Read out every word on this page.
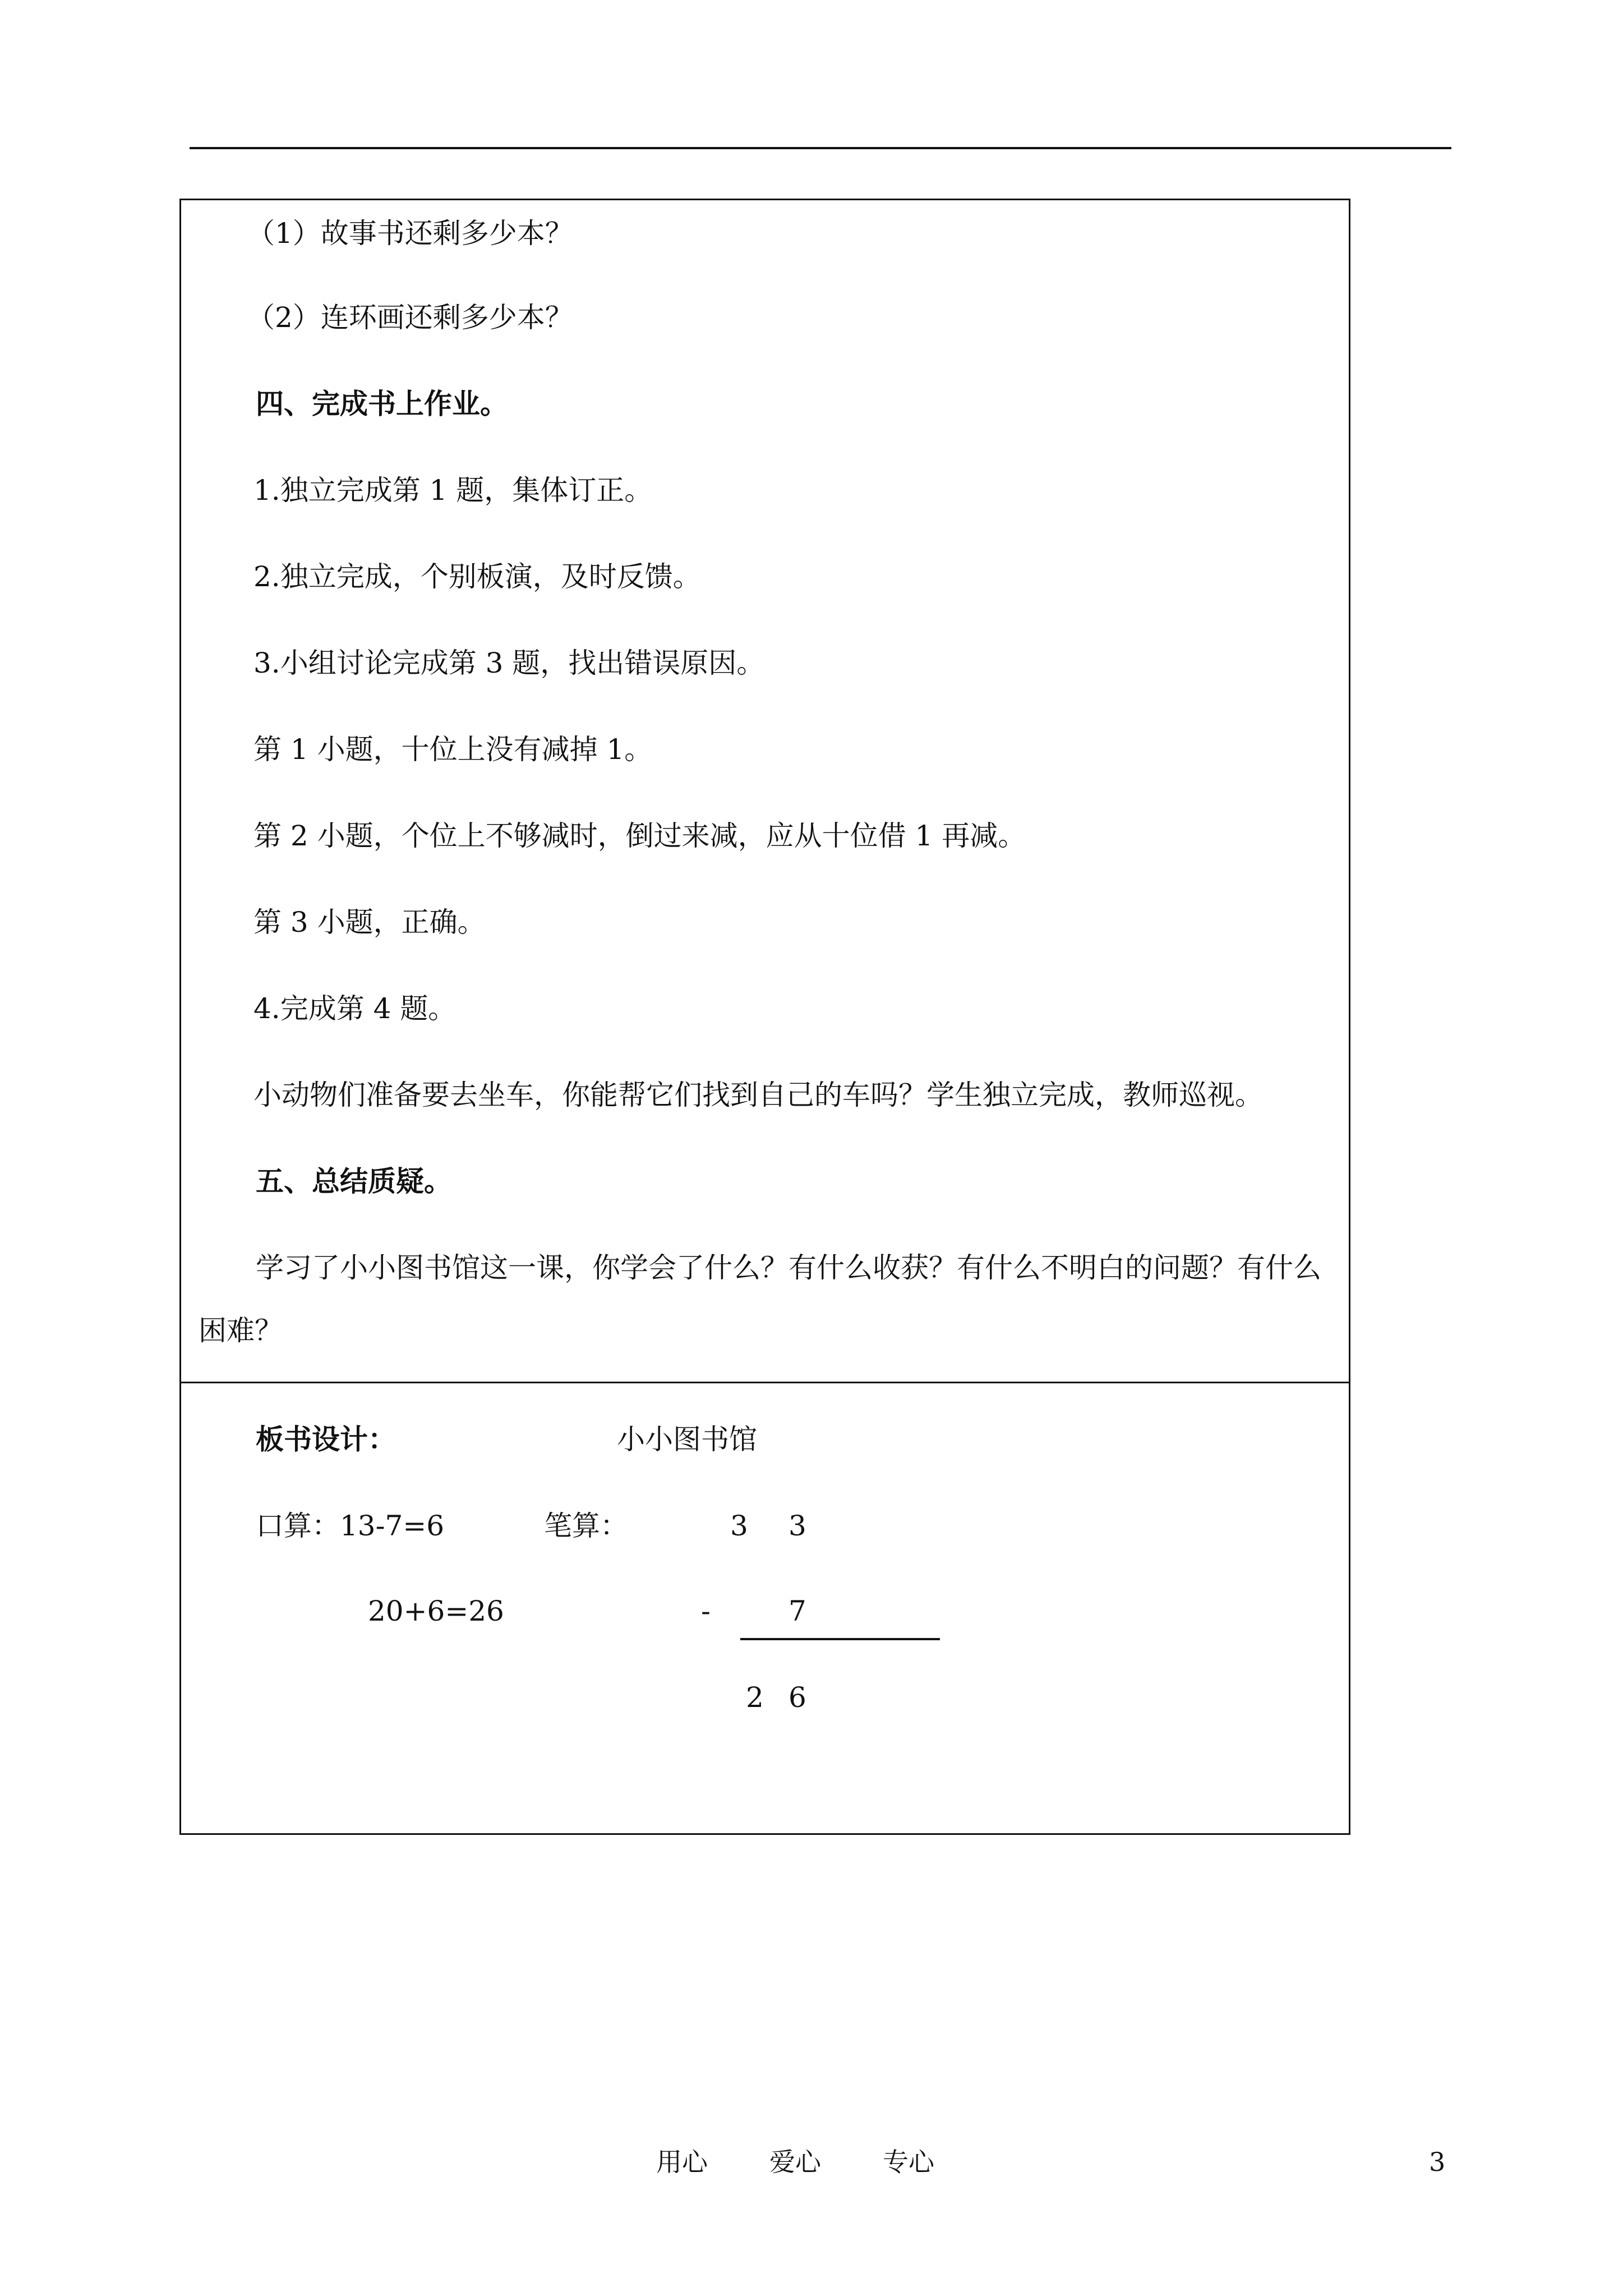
（1）故事书还剩多少本？
（2）连环画还剩多少本？
四、完成书上作业。
1.独立完成第 1 题，集体订正。
2.独立完成，个别板演，及时反馈。
3.小组讨论完成第 3 题，找出错误原因。
第 1 小题，十位上没有减掉 1。
第 2 小题，个位上不够减时，倒过来减，应从十位借 1 再减。
第 3 小题，正确。
4.完成第 4 题。
小动物们准备要去坐车，你能帮它们找到自己的车吗？学生独立完成，教师巡视。
五、总结质疑。
学习了小小图书馆这一课，你学会了什么？有什么收获？有什么不明白的问题？有什么
困难？
板书设计：	小小图书馆
口算：13-7=6	笔算：	3 3
20+6=26	-	7
2 6
用心 爱心 专心	3
